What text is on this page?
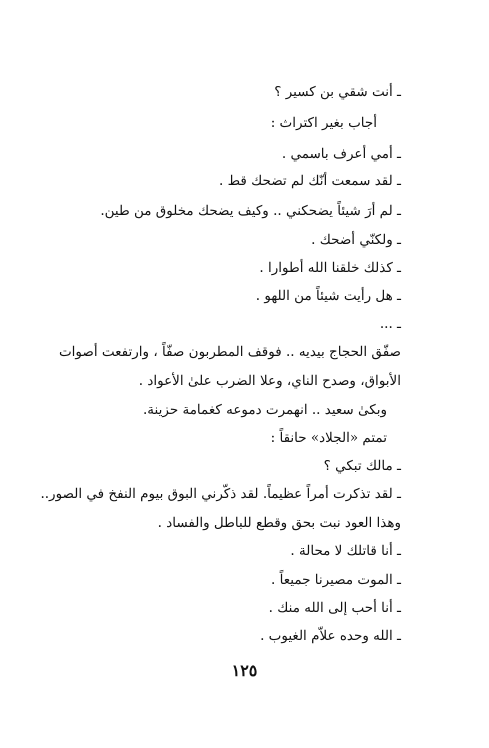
ـ أنت شقي بن كسير ؟
أجاب بغير اكتراث :
ـ أمي أعرف باسمي .
ـ لقد سمعت أنّك لم تضحك قط .
ـ لم أرَ شيئاً يضحكني .. وكيف يضحك مخلوق من طين.
ـ ولكنّي أضحك .
ـ كذلك خلقنا الله أطوارا .
ـ هل رأيت شيئاً من اللهو .
ـ ...
صفّق الحجاج بيديه .. فوقف المطربون صفّاً ، وارتفعت أصوات
الأبواق، وصدح الناي، وعلا الضرب علىٰ الأعواد .
وبكىٰ سعيد .. انهمرت دموعه كغمامة حزينة.
تمتم «الجلاد» حانقاً :
ـ مالك تبكي ؟
ـ لقد تذكرت أمراً عظيماً. لقد ذكّرني البوق بيوم النفخ في الصور..
وهذا العود نبت بحق وقطع للباطل والفساد .
ـ أنا قاتلك لا محالة .
ـ الموت مصيرنا جميعاً .
ـ أنا أحب إلى الله منك .
ـ الله وحده علاّم الغيوب .
١٢٥
